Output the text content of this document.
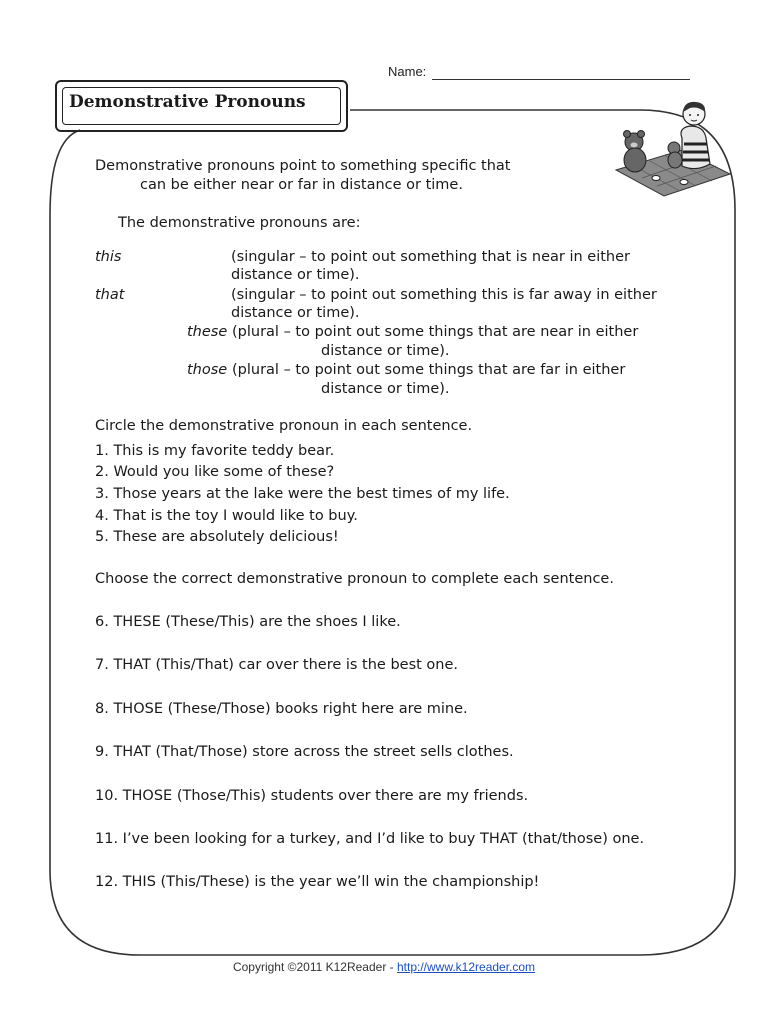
Name:
Demonstrative Pronouns
Demonstrative pronouns point to something specific that
can be either near or far in distance or time.
The demonstrative pronouns are:
this	(singular – to point out something that is near in either
distance or time).
that	(singular – to point out something this is far away in either
distance or time).
these (plural – to point out some things that are near in either
distance or time).
those (plural – to point out some things that are far in either
distance or time).
Circle the demonstrative pronoun in each sentence.
1. This is my favorite teddy bear.
2. Would you like some of these?
3. Those years at the lake were the best times of my life.
4. That is the toy I would like to buy.
5. These are absolutely delicious!
Choose the correct demonstrative pronoun to complete each sentence.
6. THESE (These/This) are the shoes I like.
7. THAT (This/That) car over there is the best one.
8. THOSE (These/Those) books right here are mine.
9. THAT (That/Those) store across the street sells clothes.
10. THOSE (Those/This) students over there are my friends.
11. I’ve been looking for a turkey, and I’d like to buy THAT (that/those) one.
12. THIS (This/These) is the year we’ll win the championship!
Copyright ©2011 K12Reader - http://www.k12reader.com
